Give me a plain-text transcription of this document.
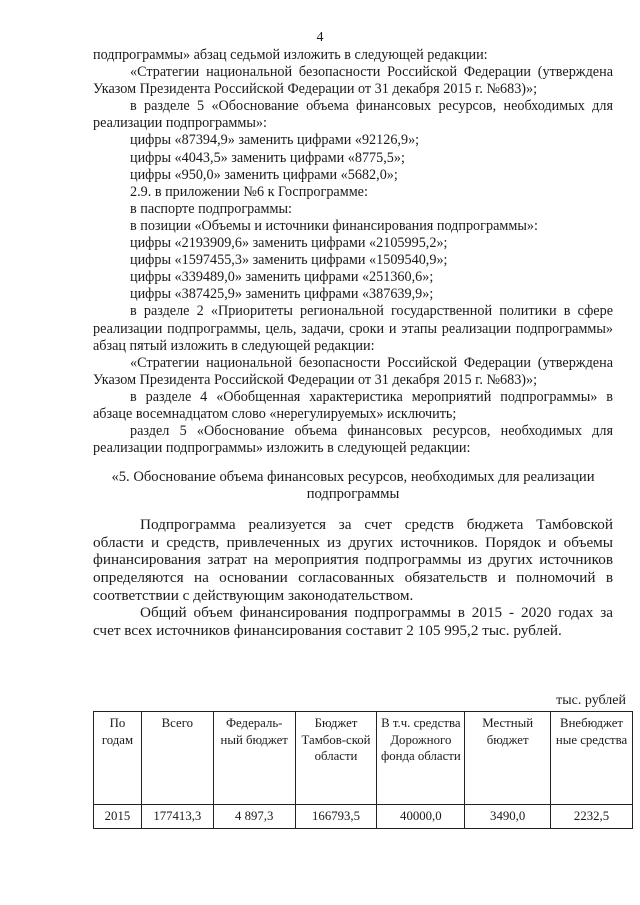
4

подпрограммы» абзац седьмой изложить в следующей редакции:

«Стратегии национальной безопасности Российской Федерации (утверждена Указом Президента Российской Федерации от 31 декабря 2015 г. №683)»;

в разделе 5 «Обоснование объема финансовых ресурсов, необходимых для реализации подпрограммы»:

цифры «87394,9» заменить цифрами «92126,9»;

цифры «4043,5» заменить цифрами «8775,5»;

цифры «950,0» заменить цифрами «5682,0»;

2.9. в приложении №6 к Госпрограмме:

в паспорте подпрограммы:

в позиции «Объемы и источники финансирования подпрограммы»:

цифры «2193909,6» заменить цифрами «2105995,2»;

цифры «1597455,3» заменить цифрами «1509540,9»;

цифры «339489,0» заменить цифрами «251360,6»;

цифры «387425,9» заменить цифрами «387639,9»;

в разделе 2 «Приоритеты региональной государственной политики в сфере реализации подпрограммы, цель, задачи, сроки и этапы реализации подпрограммы» абзац пятый изложить в следующей редакции:

«Стратегии национальной безопасности Российской Федерации (утверждена Указом Президента Российской Федерации от 31 декабря 2015 г. №683)»;

в разделе 4 «Обобщенная характеристика мероприятий подпрограммы» в абзаце восемнадцатом слово «нерегулируемых» исключить;

раздел 5 «Обоснование объема финансовых ресурсов, необходимых для реализации подпрограммы» изложить в следующей редакции:

«5. Обоснование объема финансовых ресурсов, необходимых для реализации подпрограммы

Подпрограмма реализуется за счет средств бюджета Тамбовской области и средств, привлеченных из других источников. Порядок и объемы финансирования затрат на мероприятия подпрограммы из других источников определяются на основании согласованных обязательств и полномочий в соответствии с действующим законодательством.

Общий объем финансирования подпрограммы в 2015 - 2020 годах за счет всех источников финансирования составит 2 105 995,2 тыс. рублей.

тыс. рублей
По годам	Всего	Федераль-ный бюджет	Бюджет Тамбов-ской области	В т.ч. средства Дорожного фонда области	Местный бюджет	Внебюджет ные средства
2015	177413,3	4 897,3	166793,5	40000,0	3490,0	2232,5
